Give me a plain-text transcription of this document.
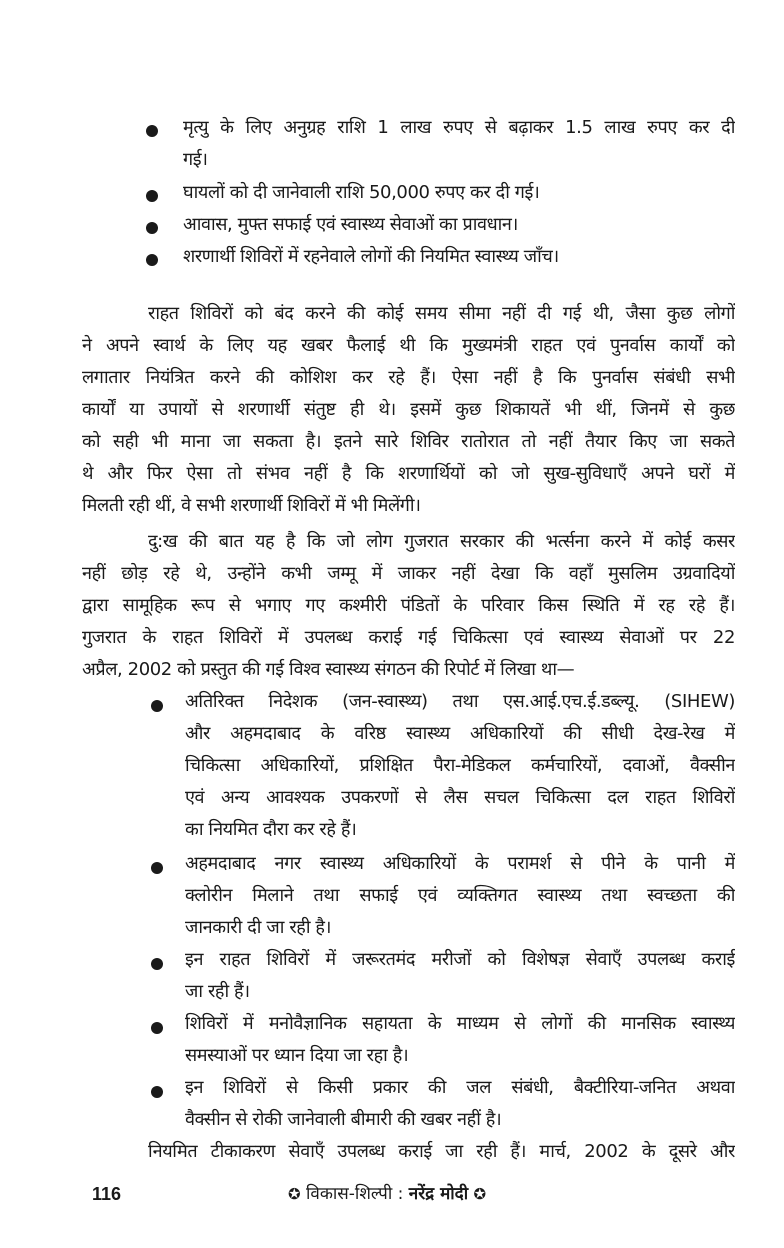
मृत्यु के लिए अनुग्रह राशि 1 लाख रुपए से बढ़ाकर 1.5 लाख रुपए कर दी
गई।
घायलों को दी जानेवाली राशि 50,000 रुपए कर दी गई।
आवास, मुफ्त सफाई एवं स्वास्थ्य सेवाओं का प्रावधान।
शरणार्थी शिविरों में रहनेवाले लोगों की नियमित स्वास्थ्य जाँच।
राहत शिविरों को बंद करने की कोई समय सीमा नहीं दी गई थी, जैसा कुछ लोगों
ने अपने स्वार्थ के लिए यह खबर फैलाई थी कि मुख्यमंत्री राहत एवं पुनर्वास कार्यों को
लगातार नियंत्रित करने की कोशिश कर रहे हैं। ऐसा नहीं है कि पुनर्वास संबंधी सभी
कार्यों या उपायों से शरणार्थी संतुष्ट ही थे। इसमें कुछ शिकायतें भी थीं, जिनमें से कुछ
को सही भी माना जा सकता है। इतने सारे शिविर रातोरात तो नहीं तैयार किए जा सकते
थे और फिर ऐसा तो संभव नहीं है कि शरणार्थियों को जो सुख-सुविधाएँ अपने घरों में
मिलती रही थीं, वे सभी शरणार्थी शिविरों में भी मिलेंगी।
दु:ख की बात यह है कि जो लोग गुजरात सरकार की भर्त्सना करने में कोई कसर
नहीं छोड़ रहे थे, उन्होंने कभी जम्मू में जाकर नहीं देखा कि वहाँ मुसलिम उग्रवादियों
द्वारा सामूहिक रूप से भगाए गए कश्मीरी पंडितों के परिवार किस स्थिति में रह रहे हैं।
गुजरात के राहत शिविरों में उपलब्ध कराई गई चिकित्सा एवं स्वास्थ्य सेवाओं पर 22
अप्रैल, 2002 को प्रस्तुत की गई विश्व स्वास्थ्य संगठन की रिपोर्ट में लिखा था—
अतिरिक्त निदेशक (जन-स्वास्थ्य) तथा एस.आई.एच.ई.डब्ल्यू. (SIHEW)
और अहमदाबाद के वरिष्ठ स्वास्थ्य अधिकारियों की सीधी देख-रेख में
चिकित्सा अधिकारियों, प्रशिक्षित पैरा-मेडिकल कर्मचारियों, दवाओं, वैक्सीन
एवं अन्य आवश्यक उपकरणों से लैस सचल चिकित्सा दल राहत शिविरों
का नियमित दौरा कर रहे हैं।
अहमदाबाद नगर स्वास्थ्य अधिकारियों के परामर्श से पीने के पानी में
क्लोरीन मिलाने तथा सफाई एवं व्यक्तिगत स्वास्थ्य तथा स्वच्छता की
जानकारी दी जा रही है।
इन राहत शिविरों में जरूरतमंद मरीजों को विशेषज्ञ सेवाएँ उपलब्ध कराई
जा रही हैं।
शिविरों में मनोवैज्ञानिक सहायता के माध्यम से लोगों की मानसिक स्वास्थ्य
समस्याओं पर ध्यान दिया जा रहा है।
इन शिविरों से किसी प्रकार की जल संबंधी, बैक्टीरिया-जनित अथवा
वैक्सीन से रोकी जानेवाली बीमारी की खबर नहीं है।
नियमित टीकाकरण सेवाएँ उपलब्ध कराई जा रही हैं। मार्च, 2002 के दूसरे और
116	✪ विकास-शिल्पी : नरेंद्र मोदी ✪
